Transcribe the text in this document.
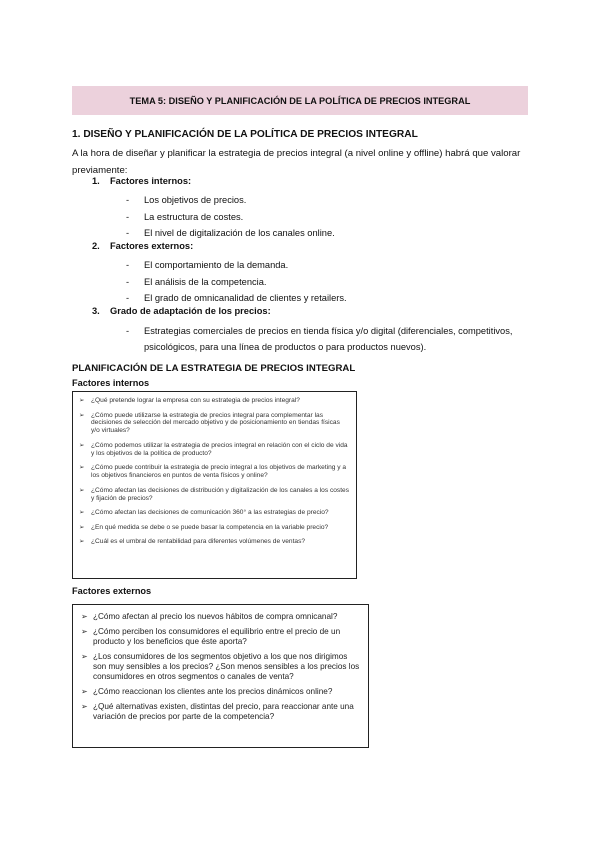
TEMA 5: DISEÑO Y PLANIFICACIÓN DE LA POLÍTICA DE PRECIOS INTEGRAL
1. DISEÑO Y PLANIFICACIÓN DE LA POLÍTICA DE PRECIOS INTEGRAL
A la hora de diseñar y planificar la estrategia de precios integral (a nivel online y offline) habrá que valorar previamente:
1. Factores internos:
- Los objetivos de precios.
- La estructura de costes.
- El nivel de digitalización de los canales online.
2. Factores externos:
- El comportamiento de la demanda.
- El análisis de la competencia.
- El grado de omnicanalidad de clientes y retailers.
3. Grado de adaptación de los precios:
- Estrategias comerciales de precios en tienda física y/o digital (diferenciales, competitivos, psicológicos, para una línea de productos o para productos nuevos).
PLANIFICACIÓN DE LA ESTRATEGIA DE PRECIOS INTEGRAL
Factores internos
➢ ¿Qué pretende lograr la empresa con su estrategia de precios integral?
➢ ¿Cómo puede utilizarse la estrategia de precios integral para complementar las decisiones de selección del mercado objetivo y de posicionamiento en tiendas físicas y/o virtuales?
➢ ¿Cómo podemos utilizar la estrategia de precios integral en relación con el ciclo de vida y los objetivos de la política de producto?
➢ ¿Cómo puede contribuir la estrategia de precio integral a los objetivos de marketing y a los objetivos financieros en puntos de venta físicos y online?
➢ ¿Cómo afectan las decisiones de distribución y digitalización de los canales a los costes y fijación de precios?
➢ ¿Cómo afectan las decisiones de comunicación 360° a las estrategias de precio?
➢ ¿En qué medida se debe o se puede basar la competencia en la variable precio?
➢ ¿Cuál es el umbral de rentabilidad para diferentes volúmenes de ventas?
Factores externos
➢ ¿Cómo afectan al precio los nuevos hábitos de compra omnicanal?
➢ ¿Cómo perciben los consumidores el equilibrio entre el precio de un producto y los beneficios que éste aporta?
➢ ¿Los consumidores de los segmentos objetivo a los que nos dirigimos son muy sensibles a los precios? ¿Son menos sensibles a los precios los consumidores en otros segmentos o canales de venta?
➢ ¿Cómo reaccionan los clientes ante los precios dinámicos online?
➢ ¿Qué alternativas existen, distintas del precio, para reaccionar ante una variación de precios por parte de la competencia?
